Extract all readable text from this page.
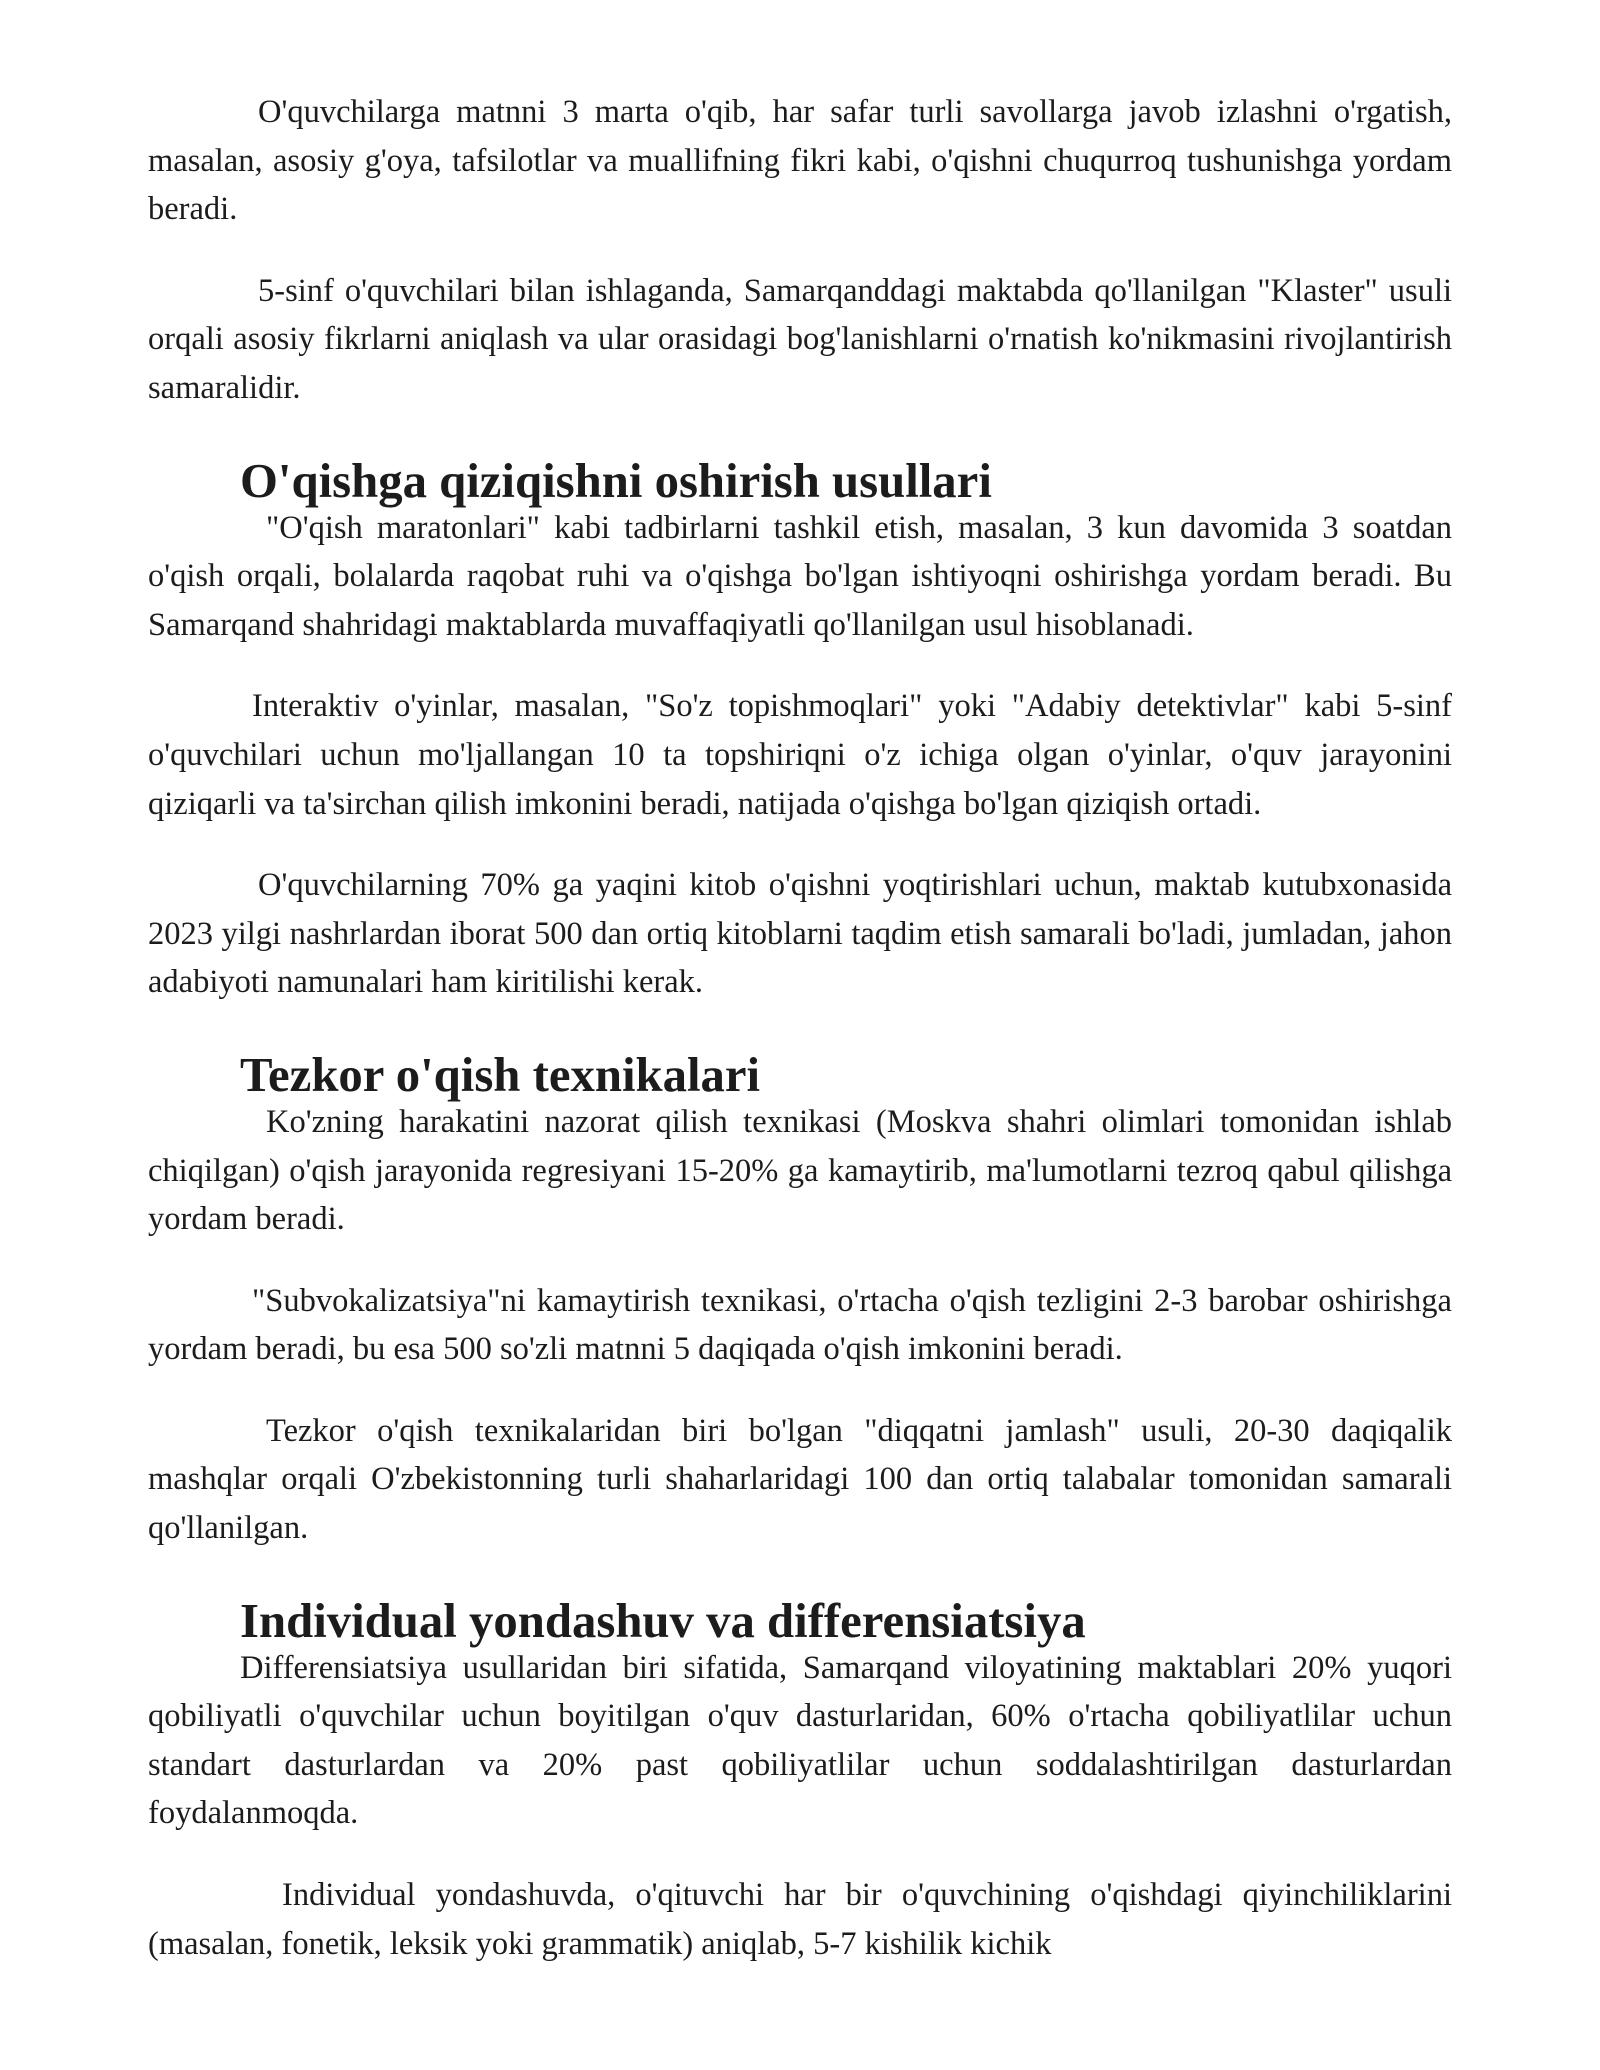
O'quvchilarga matnni 3 marta o'qib, har safar turli savollarga javob izlashni o'rgatish, masalan, asosiy g'oya, tafsilotlar va muallifning fikri kabi, o'qishni chuqurroq tushunishga yordam beradi.

5-sinf o'quvchilari bilan ishlaganda, Samarqanddagi maktabda qo'llanilgan "Klaster" usuli orqali asosiy fikrlarni aniqlash va ular orasidagi bog'lanishlarni o'rnatish ko'nikmasini rivojlantirish samaralidir.

O'qishga qiziqishni oshirish usullari

"O'qish maratonlari" kabi tadbirlarni tashkil etish, masalan, 3 kun davomida 3 soatdan o'qish orqali, bolalarda raqobat ruhi va o'qishga bo'lgan ishtiyoqni oshirishga yordam beradi. Bu Samarqand shahridagi maktablarda muvaffaqiyatli qo'llanilgan usul hisoblanadi.

Interaktiv o'yinlar, masalan, "So'z topishmoqlari" yoki "Adabiy detektivlar" kabi 5-sinf o'quvchilari uchun mo'ljallangan 10 ta topshiriqni o'z ichiga olgan o'yinlar, o'quv jarayonini qiziqarli va ta'sirchan qilish imkonini beradi, natijada o'qishga bo'lgan qiziqish ortadi.

O'quvchilarning 70% ga yaqini kitob o'qishni yoqtirishlari uchun, maktab kutubxonasida 2023 yilgi nashrlardan iborat 500 dan ortiq kitoblarni taqdim etish samarali bo'ladi, jumladan, jahon adabiyoti namunalari ham kiritilishi kerak.

Tezkor o'qish texnikalari

Ko'zning harakatini nazorat qilish texnikasi (Moskva shahri olimlari tomonidan ishlab chiqilgan) o'qish jarayonida regresiyani 15-20% ga kamaytirib, ma'lumotlarni tezroq qabul qilishga yordam beradi.

"Subvokalizatsiya"ni kamaytirish texnikasi, o'rtacha o'qish tezligini 2-3 barobar oshirishga yordam beradi, bu esa 500 so'zli matnni 5 daqiqada o'qish imkonini beradi.

Tezkor o'qish texnikalaridan biri bo'lgan "diqqatni jamlash" usuli, 20-30 daqiqalik mashqlar orqali O'zbekistonning turli shaharlaridagi 100 dan ortiq talabalar tomonidan samarali qo'llanilgan.

Individual yondashuv va differensiatsiya

Differensiatsiya usullaridan biri sifatida, Samarqand viloyatining maktablari 20% yuqori qobiliyatli o'quvchilar uchun boyitilgan o'quv dasturlaridan, 60% o'rtacha qobiliyatlilar uchun standart dasturlardan va 20% past qobiliyatlilar uchun soddalashtirilgan dasturlardan foydalanmoqda.

Individual yondashuvda, o'qituvchi har bir o'quvchining o'qishdagi qiyinchiliklarini (masalan, fonetik, leksik yoki grammatik) aniqlab, 5-7 kishilik kichik
